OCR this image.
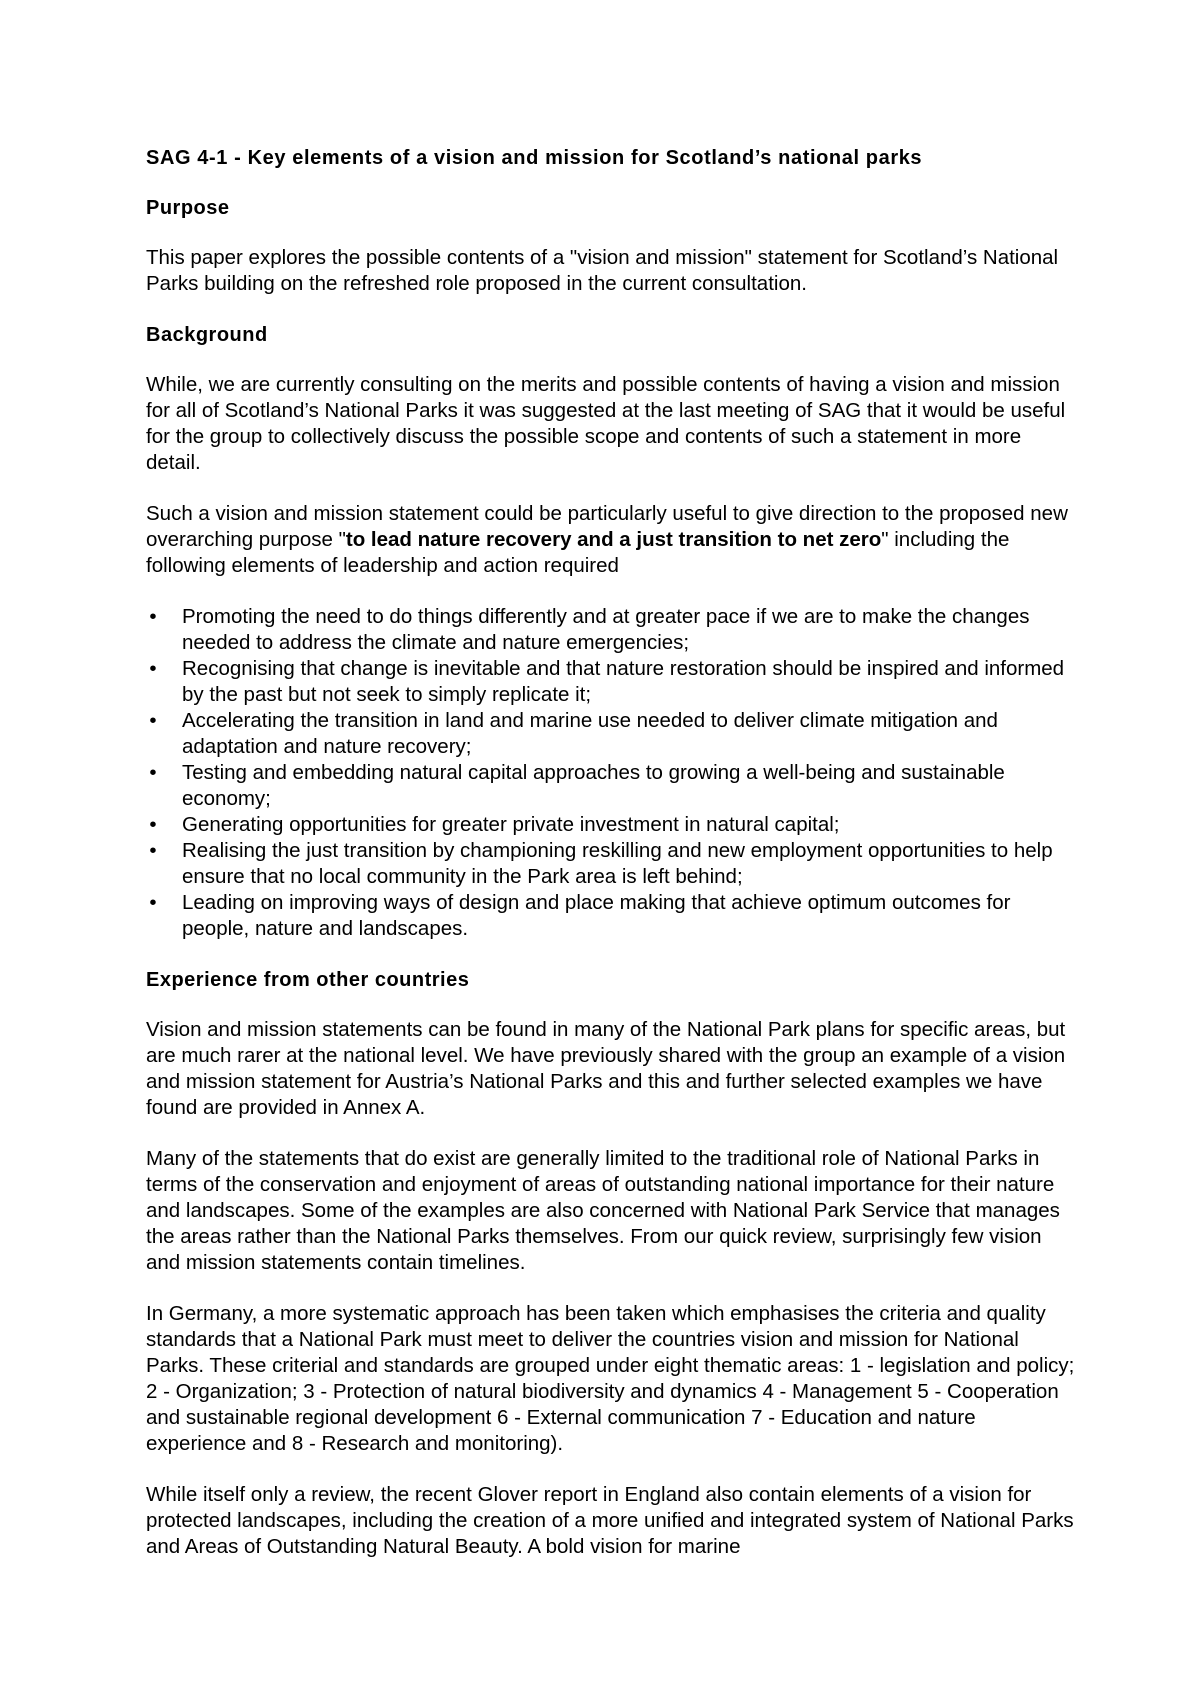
SAG 4-1 - Key elements of a vision and mission for Scotland’s national parks
Purpose
This paper explores the possible contents of a "vision and mission" statement for Scotland’s National Parks building on the refreshed role proposed in the current consultation.
Background
While, we are currently consulting on the merits and possible contents of having a vision and mission for all of Scotland’s National Parks it was suggested at the last meeting of SAG that it would be useful for the group to collectively discuss the possible scope and contents of such a statement in more detail.
Such a vision and mission statement could be particularly useful to give direction to the proposed new overarching purpose "to lead nature recovery and a just transition to net zero" including the following elements of leadership and action required
• Promoting the need to do things differently and at greater pace if we are to make the changes needed to address the climate and nature emergencies;
• Recognising that change is inevitable and that nature restoration should be inspired and informed by the past but not seek to simply replicate it;
• Accelerating the transition in land and marine use needed to deliver climate mitigation and adaptation and nature recovery;
• Testing and embedding natural capital approaches to growing a well-being and sustainable economy;
• Generating opportunities for greater private investment in natural capital;
• Realising the just transition by championing reskilling and new employment opportunities to help ensure that no local community in the Park area is left behind;
• Leading on improving ways of design and place making that achieve optimum outcomes for people, nature and landscapes.
Experience from other countries
Vision and mission statements can be found in many of the National Park plans for specific areas, but are much rarer at the national level. We have previously shared with the group an example of a vision and mission statement for Austria’s National Parks and this and further selected examples we have found are provided in Annex A.
Many of the statements that do exist are generally limited to the traditional role of National Parks in terms of the conservation and enjoyment of areas of outstanding national importance for their nature and landscapes. Some of the examples are also concerned with National Park Service that manages the areas rather than the National Parks themselves. From our quick review, surprisingly few vision and mission statements contain timelines.
In Germany, a more systematic approach has been taken which emphasises the criteria and quality standards that a National Park must meet to deliver the countries vision and mission for National Parks. These criterial and standards are grouped under eight thematic areas: 1 - legislation and policy; 2 - Organization; 3 - Protection of natural biodiversity and dynamics 4 - Management 5 - Cooperation and sustainable regional development 6 - External communication 7 - Education and nature experience and 8 - Research and monitoring).
While itself only a review, the recent Glover report in England also contain elements of a vision for protected landscapes, including the creation of a more unified and integrated system of National Parks and Areas of Outstanding Natural Beauty. A bold vision for marine
